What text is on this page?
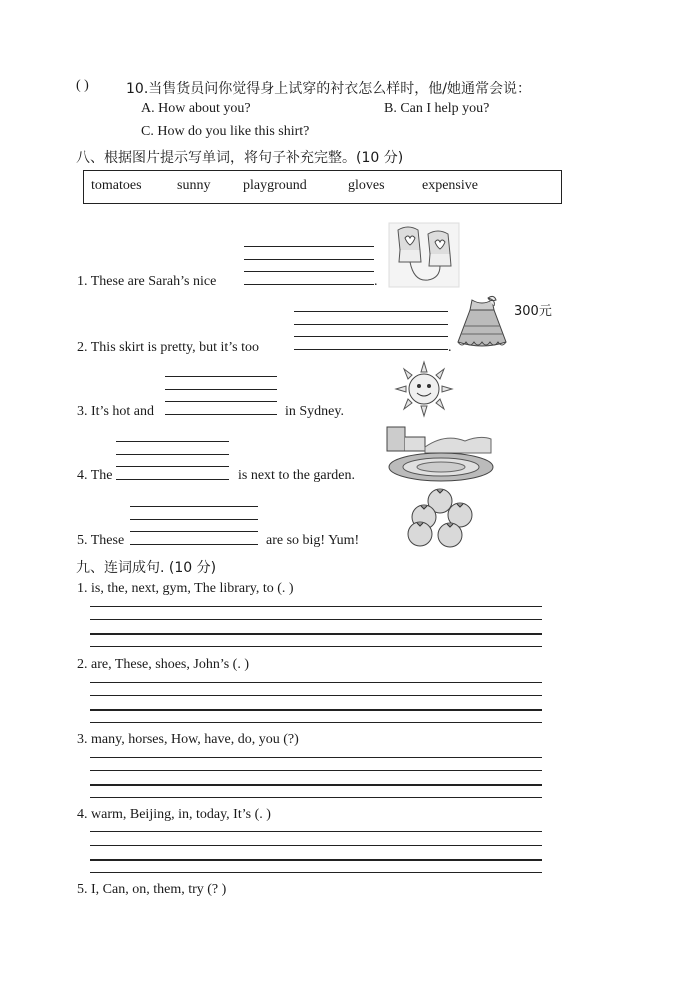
( )	10.当售货员问你觉得身上试穿的衬衣怎么样时，他/她通常会说：
A. How about you?	B. Can I help you?
C. How do you like this shirt?
八、根据图片提示写单词，将句子补充完整。(10 分)
tomatoes	sunny playground	gloves	expensive
1. These are Sarah’s nice	.
2. This skirt is pretty, but it’s too	.
300元
3. It’s hot and	in Sydney.
4. The	is next to the garden.
5. These	are so big! Yum!
九、连词成句. (10 分)
1. is, the, next, gym, The library, to (. )
2. are, These, shoes, John’s (. )
3. many, horses, How, have, do, you (?)
4. warm, Beijing, in, today, It’s (. )
5. I, Can, on, them, try (? )
